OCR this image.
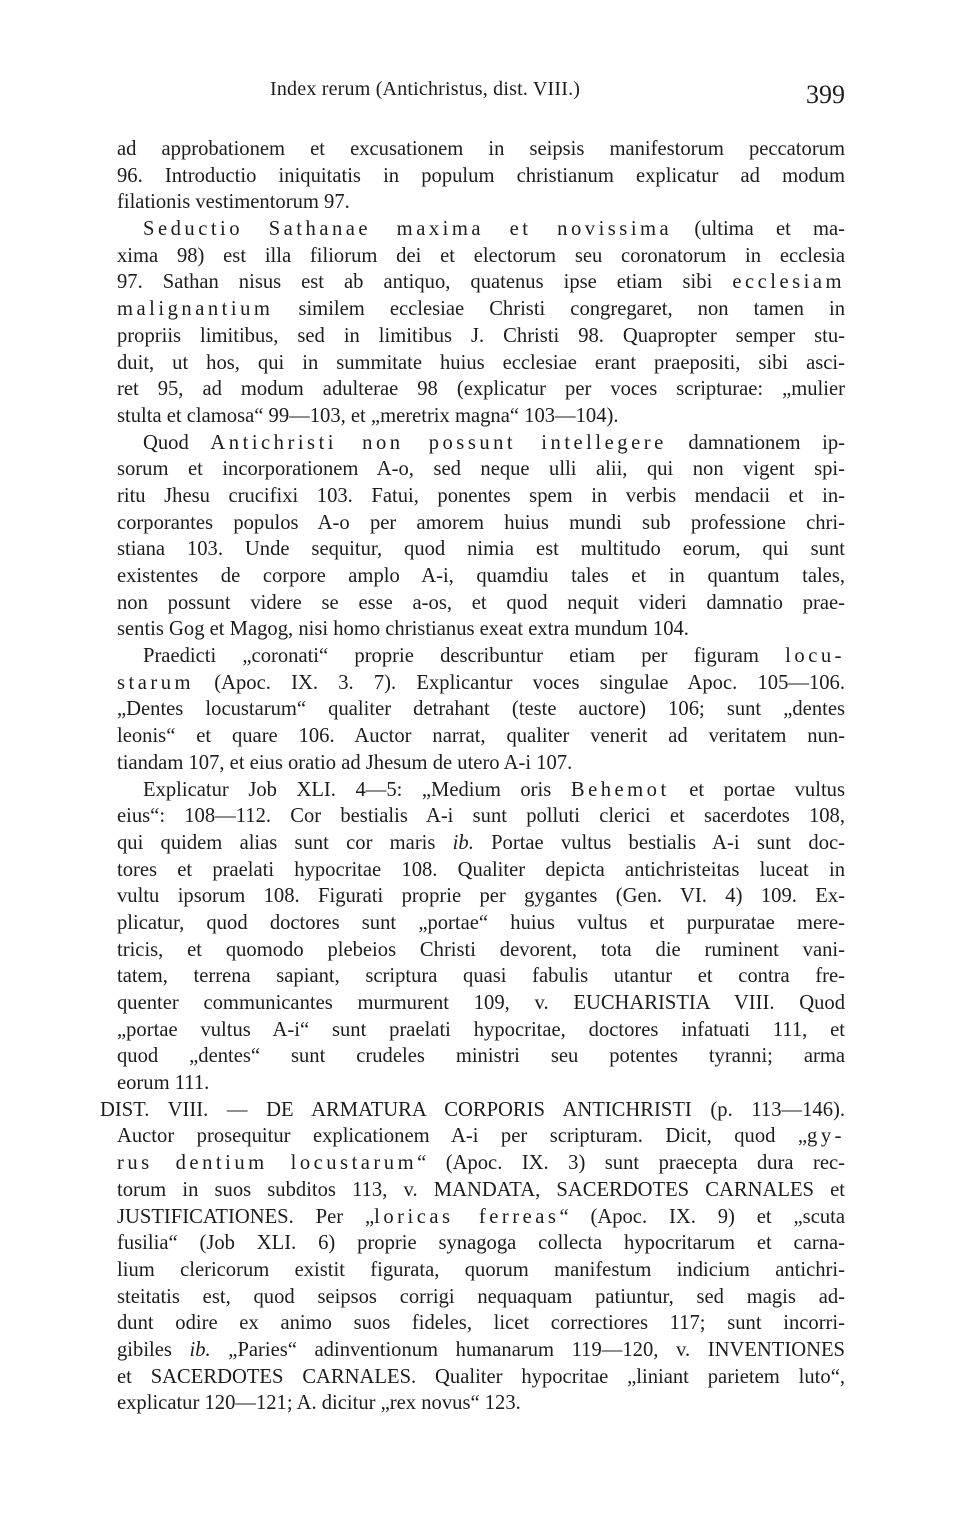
Index rerum (Antichristus, dist. VIII.)	399
ad approbationem et excusationem in seipsis manifestorum peccatorum
96. Introductio iniquitatis in populum christianum explicatur ad modum
filationis vestimentorum 97.
Seductio Sathanae maxima et novissima (ultima et ma-
xima 98) est illa filiorum dei et electorum seu coronatorum in ecclesia
97. Sathan nisus est ab antiquo, quatenus ipse etiam sibi ecclesiam
malignantium similem ecclesiae Christi congregaret, non tamen in
propriis limitibus, sed in limitibus J. Christi 98. Quapropter semper stu-
duit, ut hos, qui in summitate huius ecclesiae erant praepositi, sibi asci-
ret 95, ad modum adulterae 98 (explicatur per voces scripturae: „mulier
stulta et clamosa“ 99—103, et „meretrix magna“ 103—104).
Quod Antichristi non possunt intellegere damnationem ip-
sorum et incorporationem A-o, sed neque ulli alii, qui non vigent spi-
ritu Jhesu crucifixi 103. Fatui, ponentes spem in verbis mendacii et in-
corporantes populos A-o per amorem huius mundi sub professione chri-
stiana 103. Unde sequitur, quod nimia est multitudo eorum, qui sunt
existentes de corpore amplo A-i, quamdiu tales et in quantum tales,
non possunt videre se esse a-os, et quod nequit videri damnatio prae-
sentis Gog et Magog, nisi homo christianus exeat extra mundum 104.
Praedicti „coronati“ proprie describuntur etiam per figuram locu-
starum (Apoc. IX. 3. 7). Explicantur voces singulae Apoc. 105—106.
„Dentes locustarum“ qualiter detrahant (teste auctore) 106; sunt „dentes
leonis“ et quare 106. Auctor narrat, qualiter venerit ad veritatem nun-
tiandam 107, et eius oratio ad Jhesum de utero A-i 107.
Explicatur Job XLI. 4—5: „Medium oris Behemot et portae vultus
eius“: 108—112. Cor bestialis A-i sunt polluti clerici et sacerdotes 108,
qui quidem alias sunt cor maris ib. Portae vultus bestialis A-i sunt doc-
tores et praelati hypocritae 108. Qualiter depicta antichristeitas luceat in
vultu ipsorum 108. Figurati proprie per gygantes (Gen. VI. 4) 109. Ex-
plicatur, quod doctores sunt „portae“ huius vultus et purpuratae mere-
tricis, et quomodo plebeios Christi devorent, tota die ruminent vani-
tatem, terrena sapiant, scriptura quasi fabulis utantur et contra fre-
quenter communicantes murmurent 109, v. EUCHARISTIA VIII. Quod
„portae vultus A-i“ sunt praelati hypocritae, doctores infatuati 111, et
quod „dentes“ sunt crudeles ministri seu potentes tyranni; arma
eorum 111.
DIST. VIII. — DE ARMATURA CORPORIS ANTICHRISTI (p. 113—146).
Auctor prosequitur explicationem A-i per scripturam. Dicit, quod „gy-
rus dentium locustarum“ (Apoc. IX. 3) sunt praecepta dura rec-
torum in suos subditos 113, v. MANDATA, SACERDOTES CARNALES et
JUSTIFICATIONES. Per „loricas ferreas“ (Apoc. IX. 9) et „scuta
fusilia“ (Job XLI. 6) proprie synagoga collecta hypocritarum et carna-
lium clericorum existit figurata, quorum manifestum indicium antichri-
steitatis est, quod seipsos corrigi nequaquam patiuntur, sed magis ad-
dunt odire ex animo suos fideles, licet correctiores 117; sunt incorri-
gibiles ib. „Paries“ adinventionum humanarum 119—120, v. INVENTIONES
et SACERDOTES CARNALES. Qualiter hypocritae „liniant parietem luto“,
explicatur 120—121; A. dicitur „rex novus“ 123.
